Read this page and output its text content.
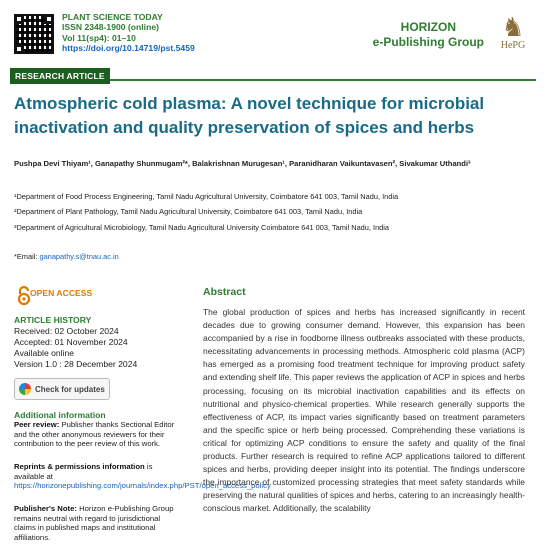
PLANT SCIENCE TODAY
ISSN 2348-1900 (online)
Vol 11(sp4): 01–10
https://doi.org/10.14719/pst.5459
HORIZON
e-Publishing Group ♞
HePG
RESEARCH ARTICLE
Atmospheric cold plasma: A novel technique for microbial inactivation and quality preservation of spices and herbs
Pushpa Devi Thiyam¹, Ganapathy Shunmugam²*, Balakrishnan Murugesan¹, Paranidharan Vaikuntavasen², Sivakumar Uthandi³
¹Department of Food Process Engineering, Tamil Nadu Agricultural University, Coimbatore 641 003, Tamil Nadu, India
²Department of Plant Pathology, Tamil Nadu Agricultural University, Coimbatore 641 003, Tamil Nadu, India
³Department of Agricultural Microbiology, Tamil Nadu Agricultural University Coimbatore 641 003, Tamil Nadu, India
*Email: ganapathy.s@tnau.ac.in
OPEN ACCESS
ARTICLE HISTORY
Received: 02 October 2024
Accepted: 01 November 2024
Available online
Version 1.0 : 28 December 2024
Check for updates
Additional information
Peer review: Publisher thanks Sectional Editor and the other anonymous reviewers for their contribution to the peer review of this work.
Reprints & permissions information is available at https://horizonepublishing.com/journals/index.php/PST/open_access_policy
Publisher's Note: Horizon e-Publishing Group remains neutral with regard to jurisdictional claims in published maps and institutional affiliations.
Abstract
The global production of spices and herbs has increased significantly in recent decades due to growing consumer demand. However, this expansion has been accompanied by a rise in foodborne illness outbreaks associated with these products, necessitating advancements in processing methods. Atmospheric cold plasma (ACP) has emerged as a promising food treatment technique for improving product safety and extending shelf life. This paper reviews the application of ACP in spices and herbs processing, focusing on its microbial inactivation capabilities and its effects on nutritional and physico-chemical properties. While research generally supports the effectiveness of ACP, its impact varies significantly based on treatment parameters and the specific spice or herb being processed. Comprehending these variations is critical for optimizing ACP conditions to ensure the safety and quality of the final products. Further research is required to refine ACP applications tailored to different spices and herbs, providing deeper insight into its potential. The findings underscore the importance of customized processing strategies that meet safety standards while preserving the natural qualities of spices and herbs, catering to an increasingly health-conscious market. Additionally, the scalability
